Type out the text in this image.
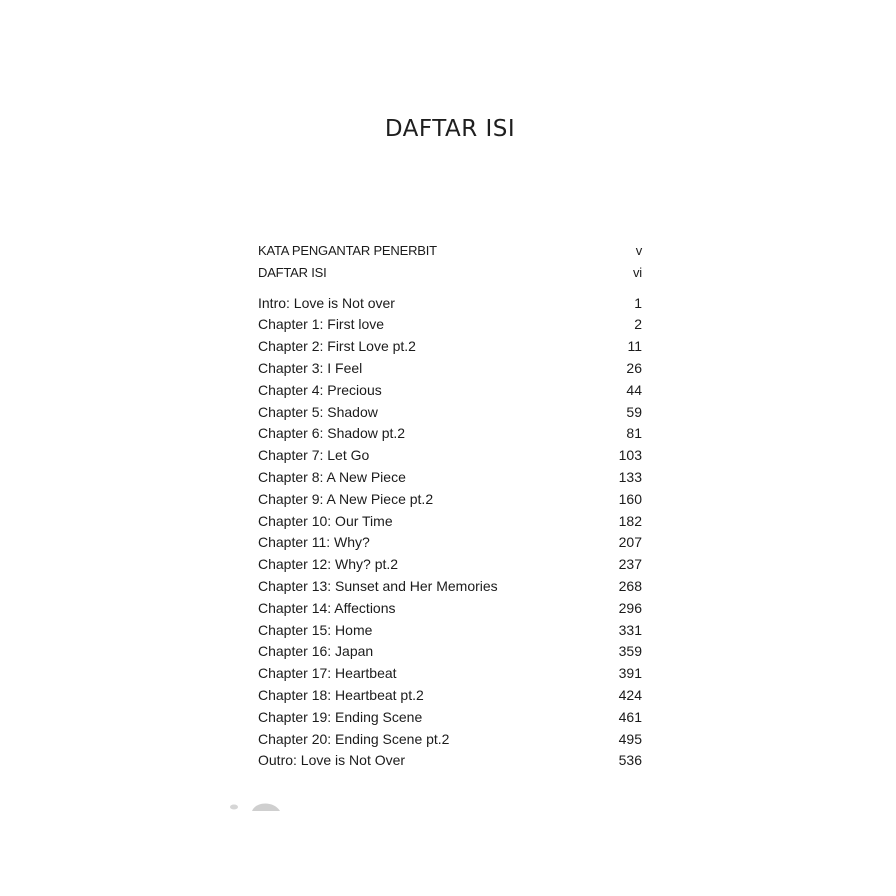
DAFTAR ISI
KATA PENGANTAR PENERBIT	v
DAFTAR ISI	vi
Intro: Love is Not over	1
Chapter 1: First love	2
Chapter 2: First Love pt.2	11
Chapter 3: I Feel	26
Chapter 4: Precious	44
Chapter 5: Shadow	59
Chapter 6: Shadow pt.2	81
Chapter 7: Let Go	103
Chapter 8: A New Piece	133
Chapter 9: A New Piece pt.2	160
Chapter 10: Our Time	182
Chapter 11: Why?	207
Chapter 12: Why? pt.2	237
Chapter 13: Sunset and Her Memories	268
Chapter 14: Affections	296
Chapter 15: Home	331
Chapter 16: Japan	359
Chapter 17: Heartbeat	391
Chapter 18: Heartbeat pt.2	424
Chapter 19: Ending Scene	461
Chapter 20: Ending Scene pt.2	495
Outro: Love is Not Over	536
